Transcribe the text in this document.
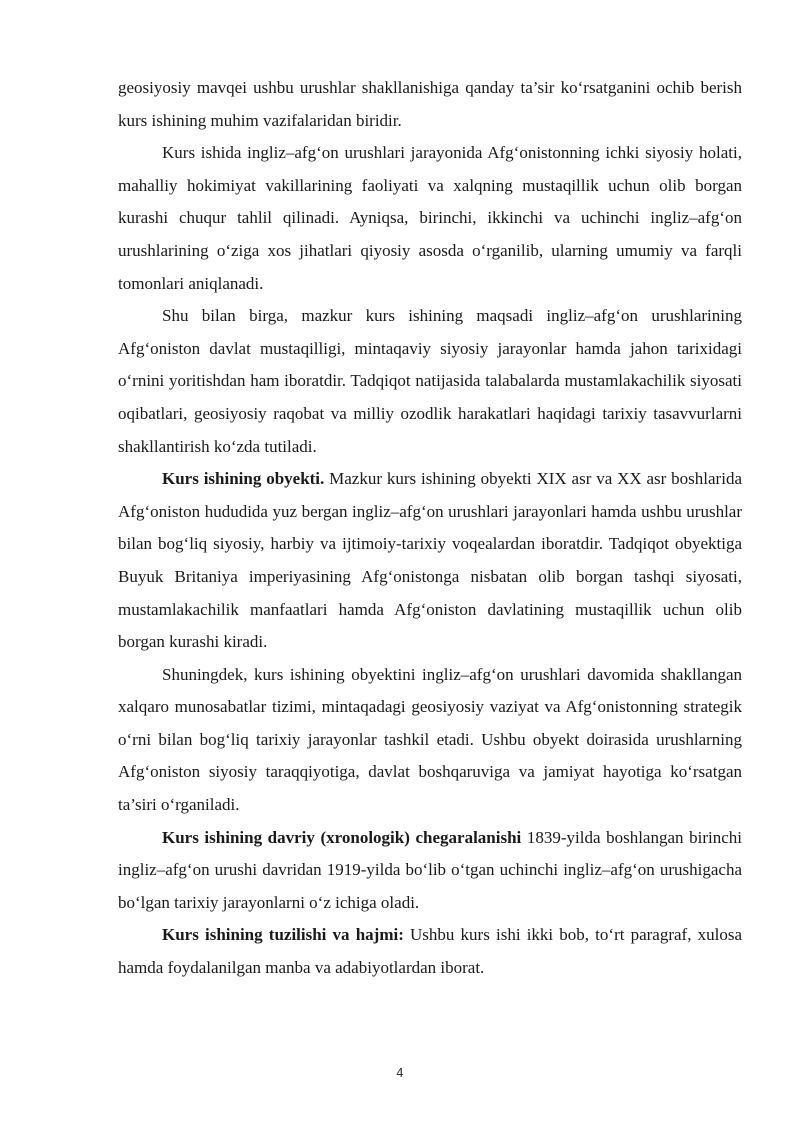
geosiyosiy mavqei ushbu urushlar shakllanishiga qanday ta’sir ko‘rsatganini ochib berish kurs ishining muhim vazifalaridan biridir.

Kurs ishida ingliz–afg‘on urushlari jarayonida Afg‘onistonning ichki siyosiy holati, mahalliy hokimiyat vakillarining faoliyati va xalqning mustaqillik uchun olib borgan kurashi chuqur tahlil qilinadi. Ayniqsa, birinchi, ikkinchi va uchinchi ingliz–afg‘on urushlarining o‘ziga xos jihatlari qiyosiy asosda o‘rganilib, ularning umumiy va farqli tomonlari aniqlanadi.

Shu bilan birga, mazkur kurs ishining maqsadi ingliz–afg‘on urushlarining Afg‘oniston davlat mustaqilligi, mintaqaviy siyosiy jarayonlar hamda jahon tarixidagi o‘rnini yoritishdan ham iboratdir. Tadqiqot natijasida talabalarda mustamlakachilik siyosati oqibatlari, geosiyosiy raqobat va milliy ozodlik harakatlari haqidagi tarixiy tasavvurlarni shakllantirish ko‘zda tutiladi.

Kurs ishining obyekti. Mazkur kurs ishining obyekti XIX asr va XX asr boshlarida Afg‘oniston hududida yuz bergan ingliz–afg‘on urushlari jarayonlari hamda ushbu urushlar bilan bog‘liq siyosiy, harbiy va ijtimoiy-tarixiy voqealardan iboratdir. Tadqiqot obyektiga Buyuk Britaniya imperiyasining Afg‘onistonga nisbatan olib borgan tashqi siyosati, mustamlakachilik manfaatlari hamda Afg‘oniston davlatining mustaqillik uchun olib borgan kurashi kiradi.

Shuningdek, kurs ishining obyektini ingliz–afg‘on urushlari davomida shakllangan xalqaro munosabatlar tizimi, mintaqadagi geosiyosiy vaziyat va Afg‘onistonning strategik o‘rni bilan bog‘liq tarixiy jarayonlar tashkil etadi. Ushbu obyekt doirasida urushlarning Afg‘oniston siyosiy taraqqiyotiga, davlat boshqaruviga va jamiyat hayotiga ko‘rsatgan ta’siri o‘rganiladi.

Kurs ishining davriy (xronologik) chegaralanishi 1839-yilda boshlangan birinchi ingliz–afg‘on urushi davridan 1919-yilda bo‘lib o‘tgan uchinchi ingliz–afg‘on urushigacha bo‘lgan tarixiy jarayonlarni o‘z ichiga oladi.

Kurs ishining tuzilishi va hajmi: Ushbu kurs ishi ikki bob, to‘rt paragraf, xulosa hamda foydalanilgan manba va adabiyotlardan iborat.

4
